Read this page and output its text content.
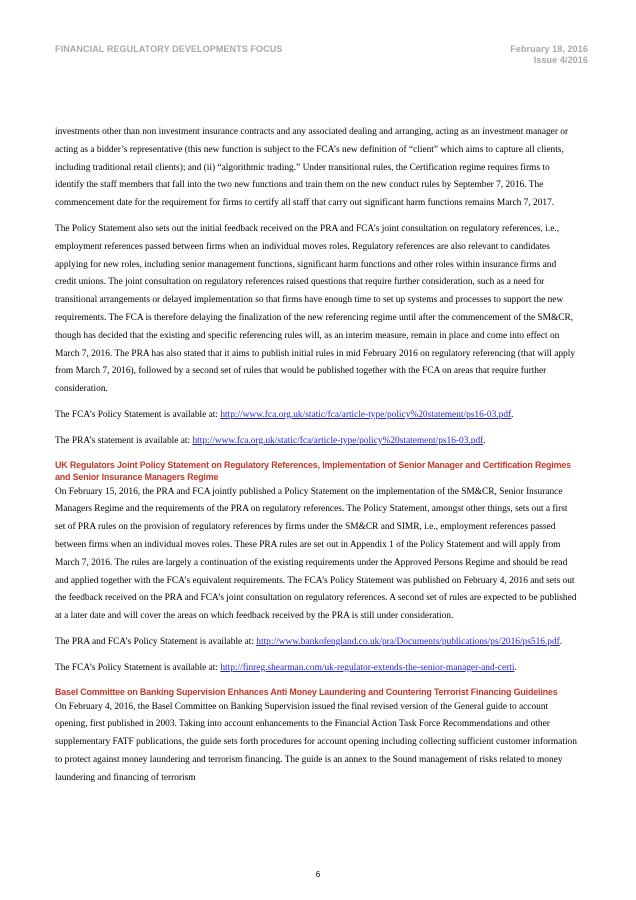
FINANCIAL REGULATORY DEVELOPMENTS FOCUS	February 18, 2016
Issue 4/2016

investments other than non investment insurance contracts and any associated dealing and arranging, acting as an investment manager or acting as a bidder’s representative (this new function is subject to the FCA’s new definition of “client” which aims to capture all clients, including traditional retail clients); and (ii) “algorithmic trading.” Under transitional rules, the Certification regime requires firms to identify the staff members that fall into the two new functions and train them on the new conduct rules by September 7, 2016. The commencement date for the requirement for firms to certify all staff that carry out significant harm functions remains March 7, 2017.

The Policy Statement also sets out the initial feedback received on the PRA and FCA’s joint consultation on regulatory references, i.e., employment references passed between firms when an individual moves roles. Regulatory references are also relevant to candidates applying for new roles, including senior management functions, significant harm functions and other roles within insurance firms and credit unions. The joint consultation on regulatory references raised questions that require further consideration, such as a need for transitional arrangements or delayed implementation so that firms have enough time to set up systems and processes to support the new requirements. The FCA is therefore delaying the finalization of the new referencing regime until after the commencement of the SM&CR, though has decided that the existing and specific referencing rules will, as an interim measure, remain in place and come into effect on March 7, 2016. The PRA has also stated that it aims to publish initial rules in mid February 2016 on regulatory referencing (that will apply from March 7, 2016), followed by a second set of rules that would be published together with the FCA on areas that require further consideration.

The FCA’s Policy Statement is available at: http://www.fca.org.uk/static/fca/article-type/policy%20statement/ps16-03.pdf.

The PRA’s statement is available at: http://www.fca.org.uk/static/fca/article-type/policy%20statement/ps16-03.pdf.

UK Regulators Joint Policy Statement on Regulatory References, Implementation of Senior Manager and Certification Regimes and Senior Insurance Managers Regime

On February 15, 2016, the PRA and FCA jointly published a Policy Statement on the implementation of the SM&CR, Senior Insurance Managers Regime and the requirements of the PRA on regulatory references. The Policy Statement, amongst other things, sets out a first set of PRA rules on the provision of regulatory references by firms under the SM&CR and SIMR, i.e., employment references passed between firms when an individual moves roles. These PRA rules are set out in Appendix 1 of the Policy Statement and will apply from March 7, 2016. The rules are largely a continuation of the existing requirements under the Approved Persons Regime and should be read and applied together with the FCA’s equivalent requirements. The FCA’s Policy Statement was published on February 4, 2016 and sets out the feedback received on the PRA and FCA’s joint consultation on regulatory references. A second set of rules are expected to be published at a later date and will cover the areas on which feedback received by the PRA is still under consideration.

The PRA and FCA’s Policy Statement is available at: http://www.bankofengland.co.uk/pra/Documents/publications/ps/2016/ps516.pdf.

The FCA’s Policy Statement is available at: http://finreg.shearman.com/uk-regulator-extends-the-senior-manager-and-certi.

Basel Committee on Banking Supervision Enhances Anti Money Laundering and Countering Terrorist Financing Guidelines

On February 4, 2016, the Basel Committee on Banking Supervision issued the final revised version of the General guide to account opening, first published in 2003. Taking into account enhancements to the Financial Action Task Force Recommendations and other supplementary FATF publications, the guide sets forth procedures for account opening including collecting sufficient customer information to protect against money laundering and terrorism financing. The guide is an annex to the Sound management of risks related to money laundering and financing of terrorism

6
